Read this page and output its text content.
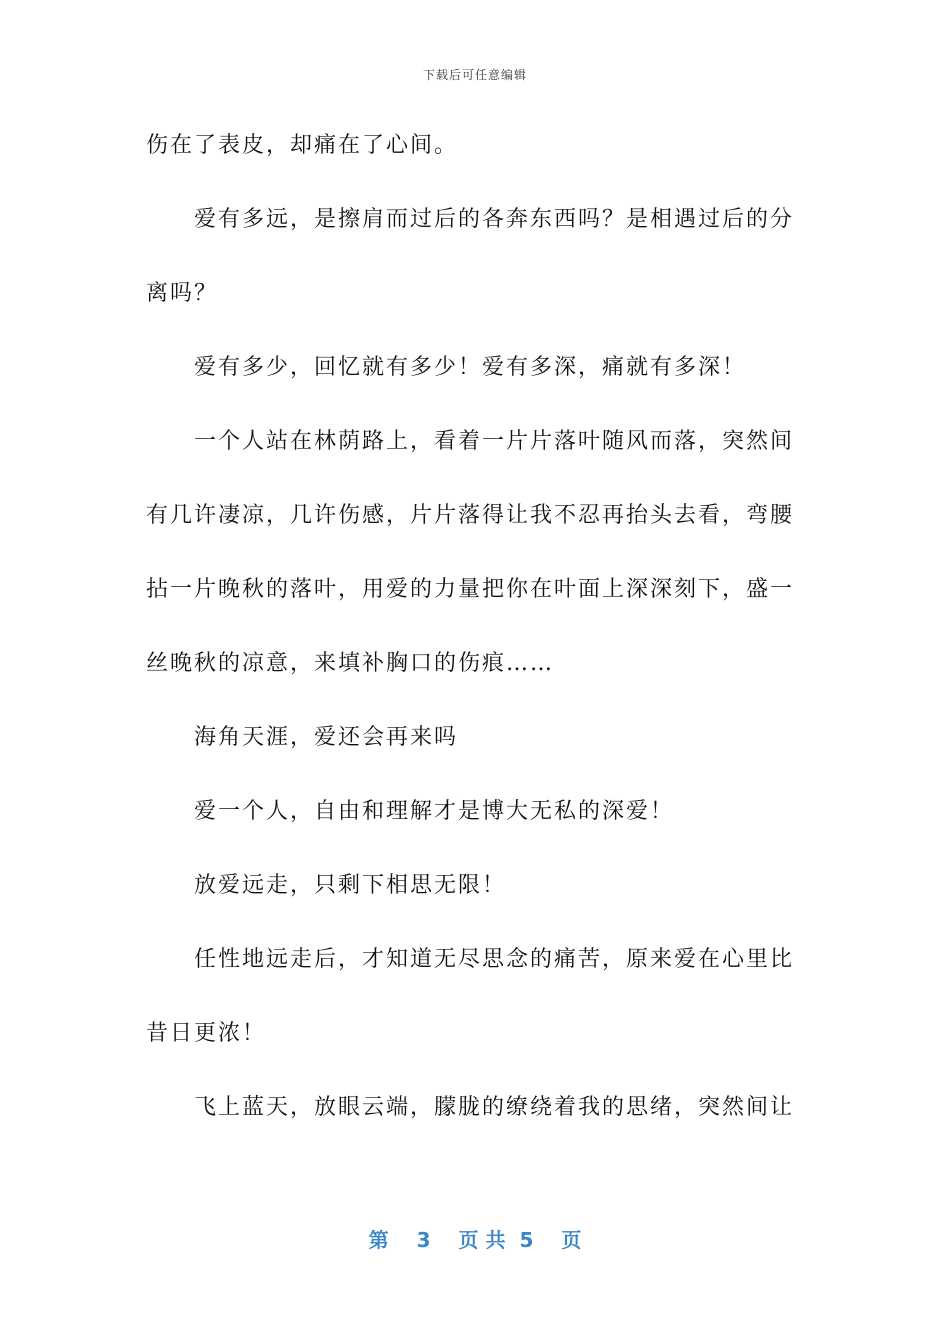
下载后可任意编辑
伤在了表皮，却痛在了心间。
爱有多远，是擦肩而过后的各奔东西吗？是相遇过后的分
离吗？
爱有多少，回忆就有多少！爱有多深，痛就有多深！
一个人站在林荫路上，看着一片片落叶随风而落，突然间
有几许凄凉，几许伤感，片片落得让我不忍再抬头去看，弯腰
拈一片晚秋的落叶，用爱的力量把你在叶面上深深刻下，盛一
丝晚秋的凉意，来填补胸口的伤痕……
海角天涯，爱还会再来吗
爱一个人，自由和理解才是博大无私的深爱！
放爱远走，只剩下相思无限！
任性地远走后，才知道无尽思念的痛苦，原来爱在心里比
昔日更浓！
飞上蓝天，放眼云端，朦胧的缭绕着我的思绪，突然间让
第 3 页 共 5 页
